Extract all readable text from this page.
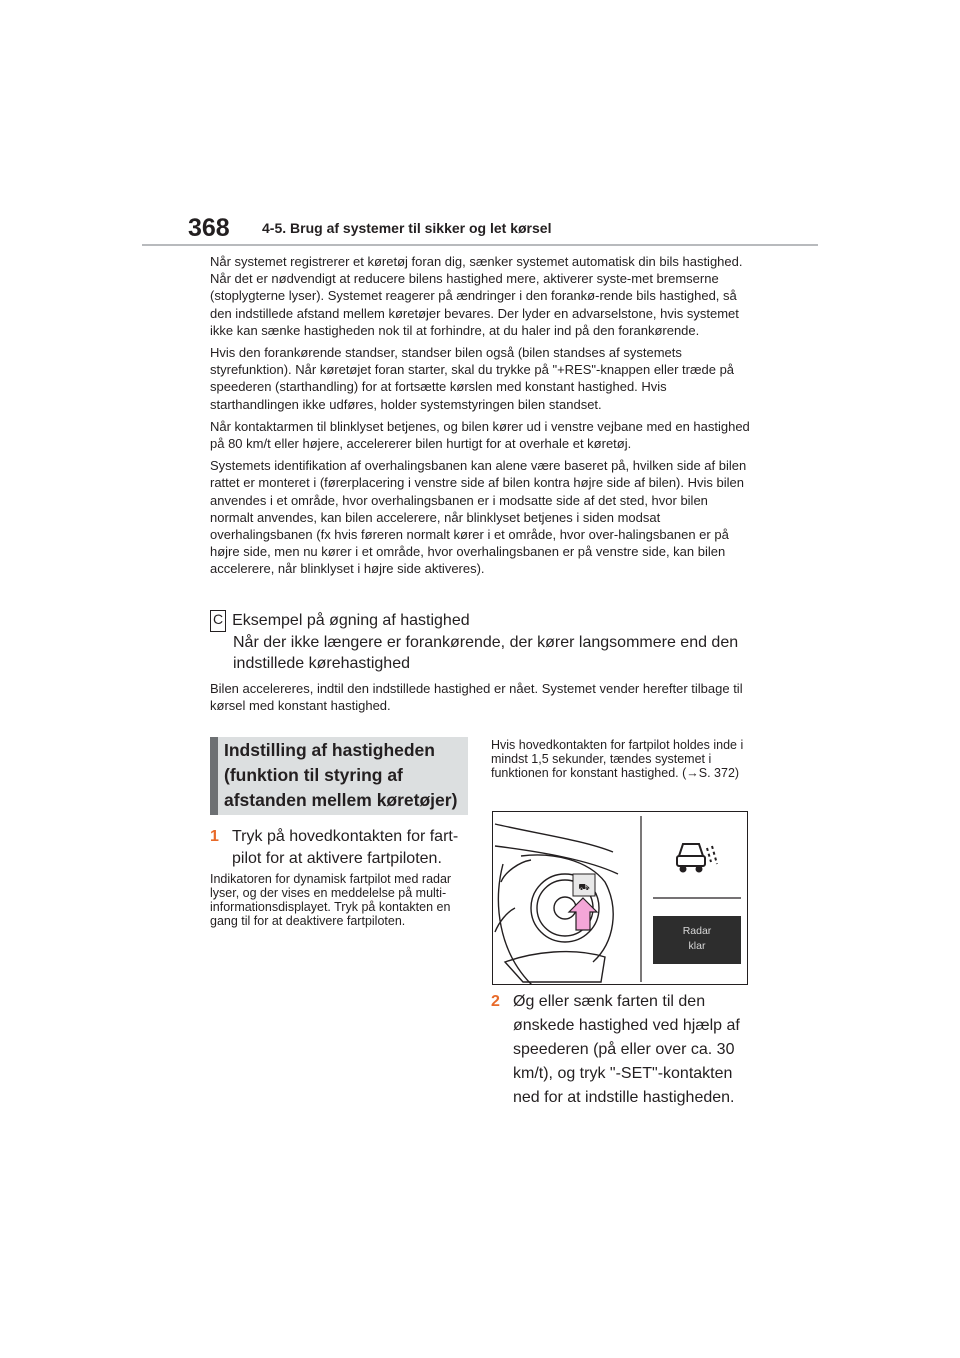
368 4-5. Brug af systemer til sikker og let kørsel

Når systemet registrerer et køretøj foran dig, sænker systemet automatisk din bils hastighed. Når det er nødvendigt at reducere bilens hastighed mere, aktiverer syste-met bremserne (stoplygterne lyser). Systemet reagerer på ændringer i den forankø-rende bils hastighed, så den indstillede afstand mellem køretøjer bevares. Der lyder en advarselstone, hvis systemet ikke kan sænke hastigheden nok til at forhindre, at du haler ind på den forankørende.

Hvis den forankørende standser, standser bilen også (bilen standses af systemets styrefunktion). Når køretøjet foran starter, skal du trykke på "+RES"-knappen eller træde på speederen (starthandling) for at fortsætte kørslen med konstant hastighed. Hvis starthandlingen ikke udføres, holder systemstyringen bilen standset.

Når kontaktarmen til blinklyset betjenes, og bilen kører ud i venstre vejbane med en hastighed på 80 km/t eller højere, accelererer bilen hurtigt for at overhale et køretøj.

Systemets identifikation af overhalingsbanen kan alene være baseret på, hvilken side af bilen rattet er monteret i (førerplacering i venstre side af bilen kontra højre side af bilen). Hvis bilen anvendes i et område, hvor overhalingsbanen er i modsatte side af det sted, hvor bilen normalt anvendes, kan bilen accelerere, når blinklyset betjenes i siden modsat overhalingsbanen (fx hvis føreren normalt kører i et område, hvor over-halingsbanen er på højre side, men nu kører i et område, hvor overhalingsbanen er på venstre side, kan bilen accelerere, når blinklyset i højre side aktiveres).

C Eksempel på øgning af hastighed
Når der ikke længere er forankørende, der kører langsommere end den indstillede kørehastighed
Bilen accelereres, indtil den indstillede hastighed er nået. Systemet vender herefter tilbage til kørsel med konstant hastighed.

Indstilling af hastigheden (funktion til styring af afstanden mellem køretøjer)

1 Tryk på hovedkontakten for fart-pilot for at aktivere fartpiloten.
Indikatoren for dynamisk fartpilot med radar lyser, og der vises en meddelelse på multi-informationsdisplayet. Tryk på kontakten en gang til for at deaktivere fartpiloten.
Hvis hovedkontakten for fartpilot holdes inde i mindst 1,5 sekunder, tændes systemet i funktionen for konstant hastighed. (→S. 372)
⛟
Radar
klar
2 Øg eller sænk farten til den ønskede hastighed ved hjælp af speederen (på eller over ca. 30 km/t), og tryk "-SET"-kontakten ned for at indstille hastigheden.
